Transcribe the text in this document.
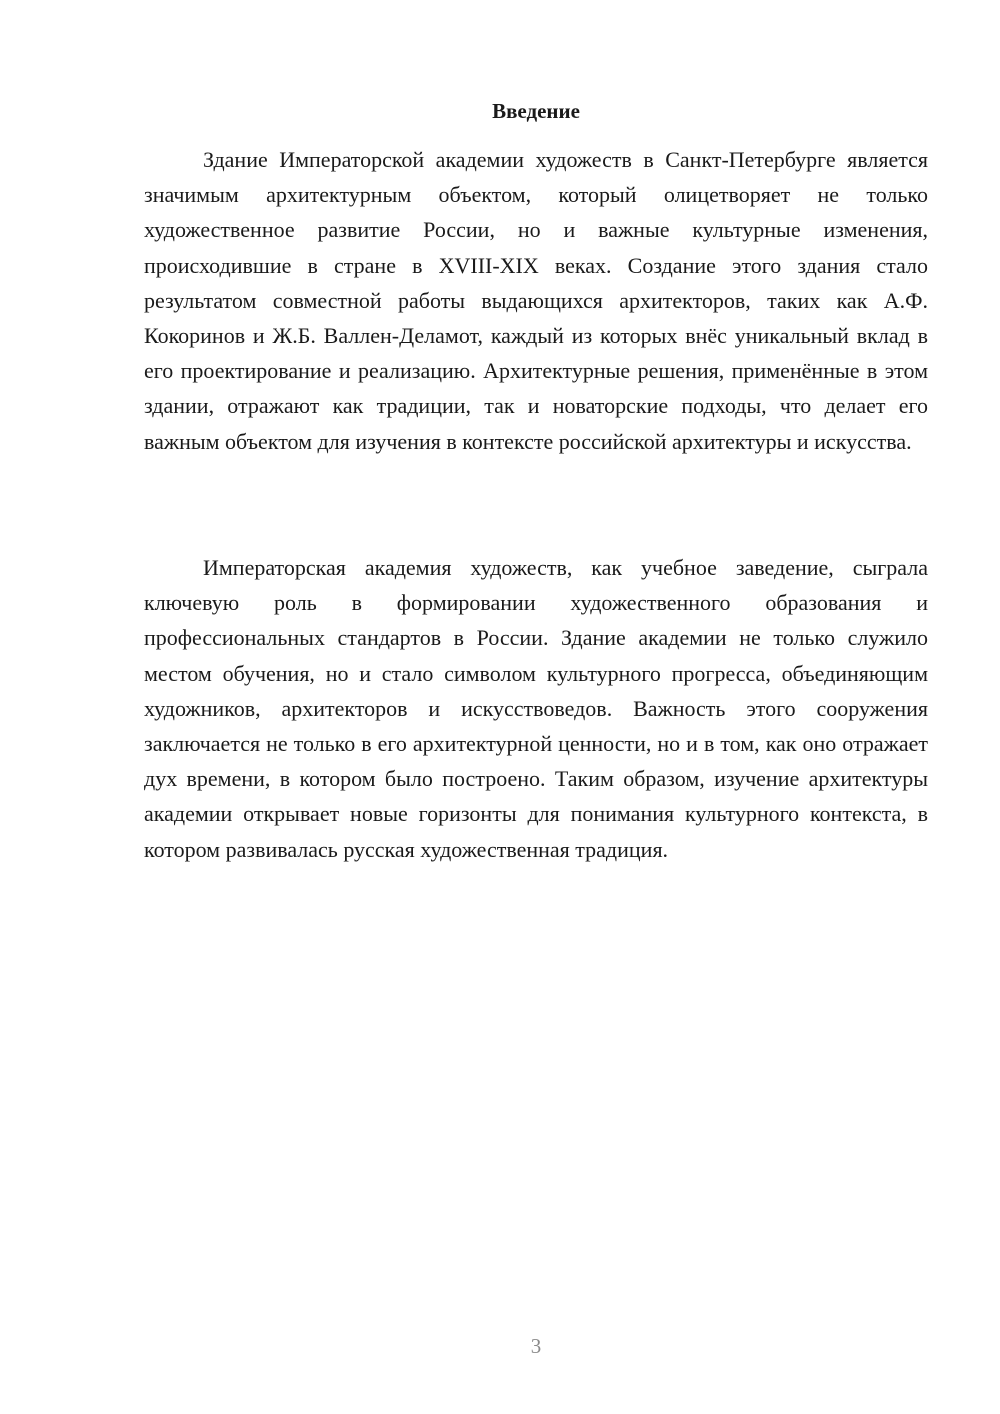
Введение

Здание Императорской академии художеств в Санкт-Петербурге является значимым архитектурным объектом, который олицетворяет не только художественное развитие России, но и важные культурные изменения, происходившие в стране в XVIII-XIX веках. Создание этого здания стало результатом совместной работы выдающихся архитекторов, таких как А.Ф. Кокоринов и Ж.Б. Валлен-Деламот, каждый из которых внёс уникальный вклад в его проектирование и реализацию. Архитектурные решения, применённые в этом здании, отражают как традиции, так и новаторские подходы, что делает его важным объектом для изучения в контексте российской архитектуры и искусства.

Императорская академия художеств, как учебное заведение, сыграла ключевую роль в формировании художественного образования и профессиональных стандартов в России. Здание академии не только служило местом обучения, но и стало символом культурного прогресса, объединяющим художников, архитекторов и искусствоведов. Важность этого сооружения заключается не только в его архитектурной ценности, но и в том, как оно отражает дух времени, в котором было построено. Таким образом, изучение архитектуры академии открывает новые горизонты для понимания культурного контекста, в котором развивалась русская художественная традиция.

3
